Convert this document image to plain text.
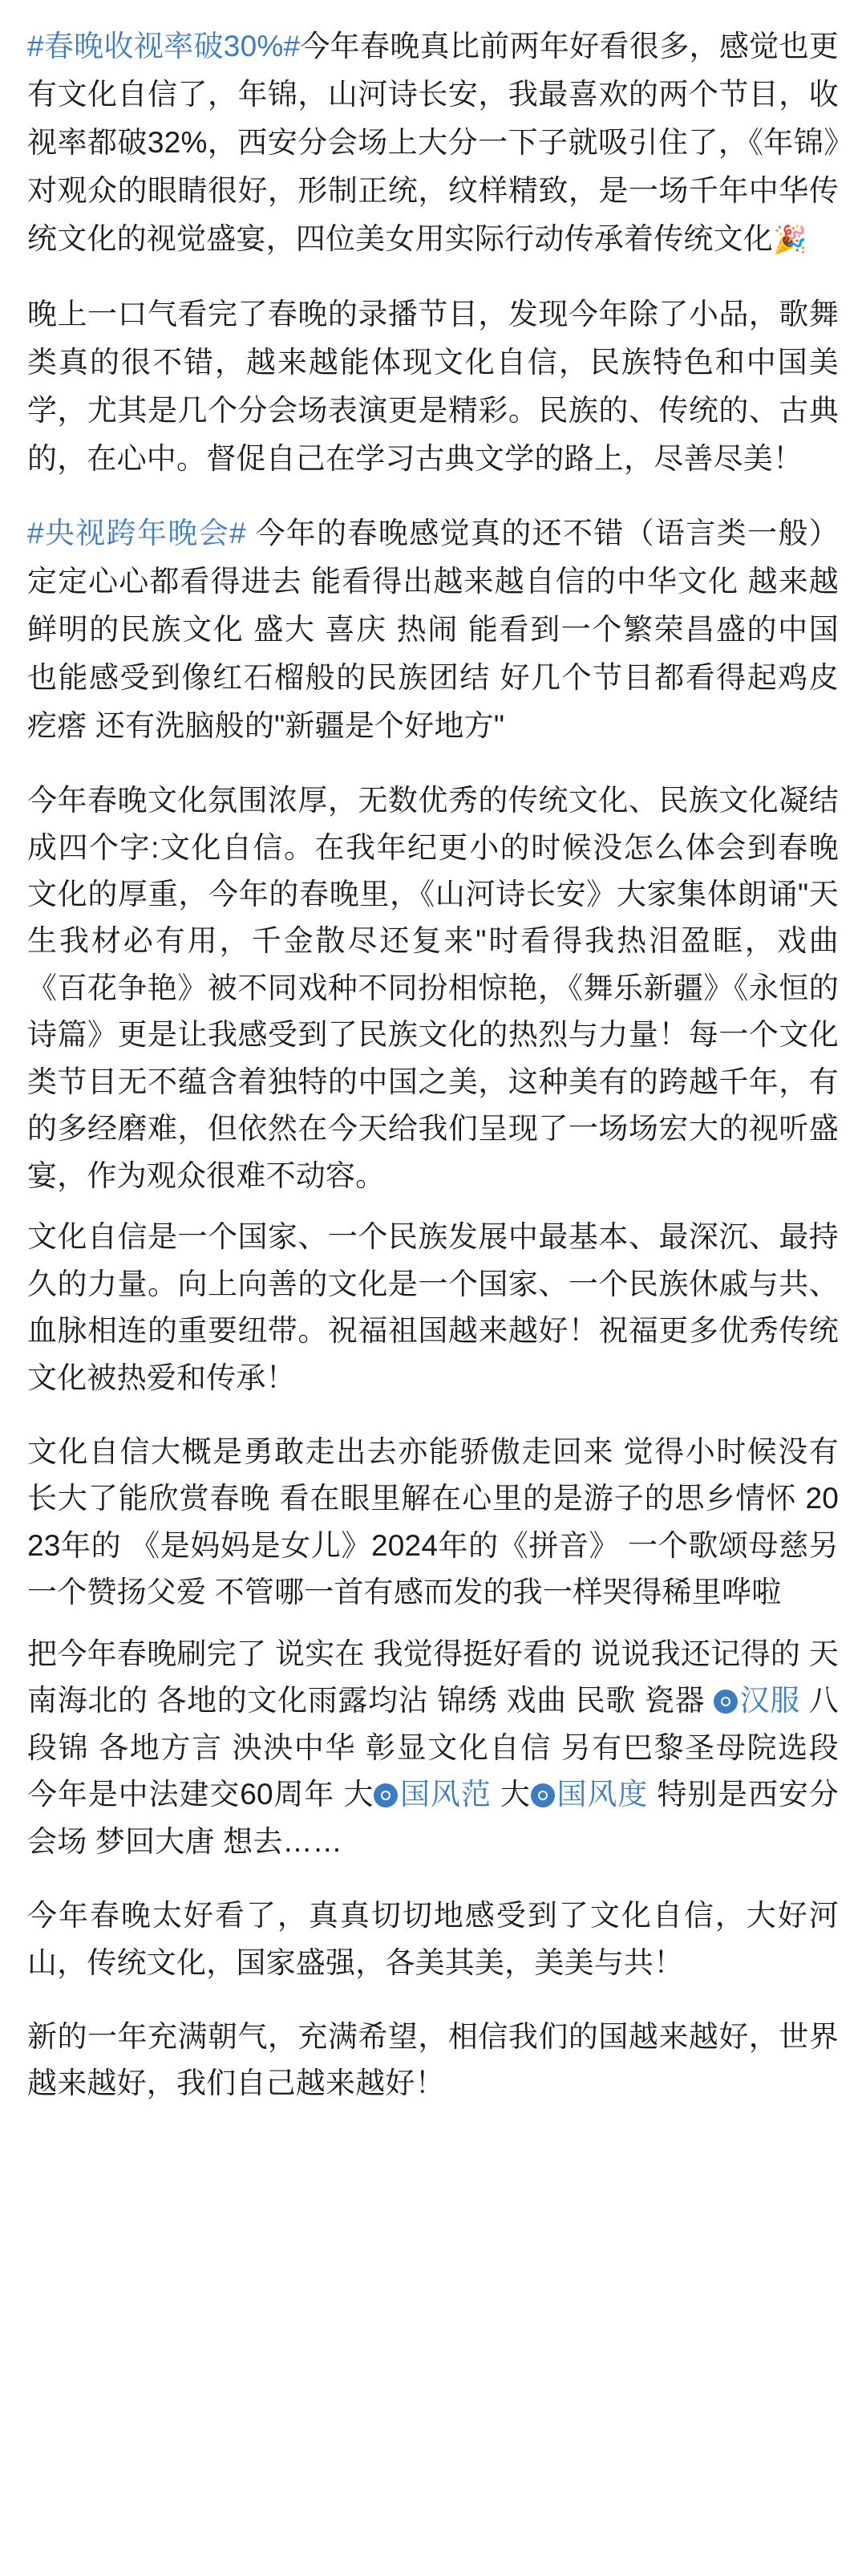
#春晚收视率破30%#今年春晚真比前两年好看很多，感觉也更有文化自信了，年锦，山河诗长安，我最喜欢的两个节目，收视率都破32%，西安分会场上大分一下子就吸引住了，《年锦》对观众的眼睛很好，形制正统，纹样精致，是一场千年中华传统文化的视觉盛宴，四位美女用实际行动传承着传统文化🎉
晚上一口气看完了春晚的录播节目，发现今年除了小品，歌舞类真的很不错，越来越能体现文化自信，民族特色和中国美学，尤其是几个分会场表演更是精彩。民族的、传统的、古典的，在心中。督促自己在学习古典文学的路上，尽善尽美！
#央视跨年晚会# 今年的春晚感觉真的还不错（语言类一般） 定定心心都看得进去 能看得出越来越自信的中华文化 越来越鲜明的民族文化 盛大 喜庆 热闹 能看到一个繁荣昌盛的中国 也能感受到像红石榴般的民族团结 好几个节目都看得起鸡皮疙瘩 还有洗脑般的"新疆是个好地方"
今年春晚文化氛围浓厚，无数优秀的传统文化、民族文化凝结成四个字:文化自信。在我年纪更小的时候没怎么体会到春晚文化的厚重，今年的春晚里，《山河诗长安》大家集体朗诵"天生我材必有用，千金散尽还复来"时看得我热泪盈眶，戏曲《百花争艳》被不同戏种不同扮相惊艳，《舞乐新疆》《永恒的诗篇》更是让我感受到了民族文化的热烈与力量！每一个文化类节目无不蕴含着独特的中国之美，这种美有的跨越千年，有的多经磨难，但依然在今天给我们呈现了一场场宏大的视听盛宴，作为观众很难不动容。
文化自信是一个国家、一个民族发展中最基本、最深沉、最持久的力量。向上向善的文化是一个国家、一个民族休戚与共、血脉相连的重要纽带。祝福祖国越来越好！祝福更多优秀传统文化被热爱和传承！
文化自信大概是勇敢走出去亦能骄傲走回来 觉得小时候没有长大了能欣赏春晚 看在眼里解在心里的是游子的思乡情怀 2023年的 《是妈妈是女儿》2024年的《拼音》 一个歌颂母慈另一个赞扬父爱 不管哪一首有感而发的我一样哭得稀里哗啦
把今年春晚刷完了 说实在 我觉得挺好看的 说说我还记得的 天南海北的 各地的文化雨露均沾 锦绣 戏曲 民歌 瓷器 汉服 八段锦 各地方言 泱泱中华 彰显文化自信 另有巴黎圣母院选段 今年是中法建交60周年 大 国风范 大 国风度 特别是西安分会场 梦回大唐 想去……
今年春晚太好看了，真真切切地感受到了文化自信，大好河山，传统文化，国家盛强，各美其美，美美与共！
新的一年充满朝气，充满希望，相信我们的国越来越好，世界越来越好，我们自己越来越好！
